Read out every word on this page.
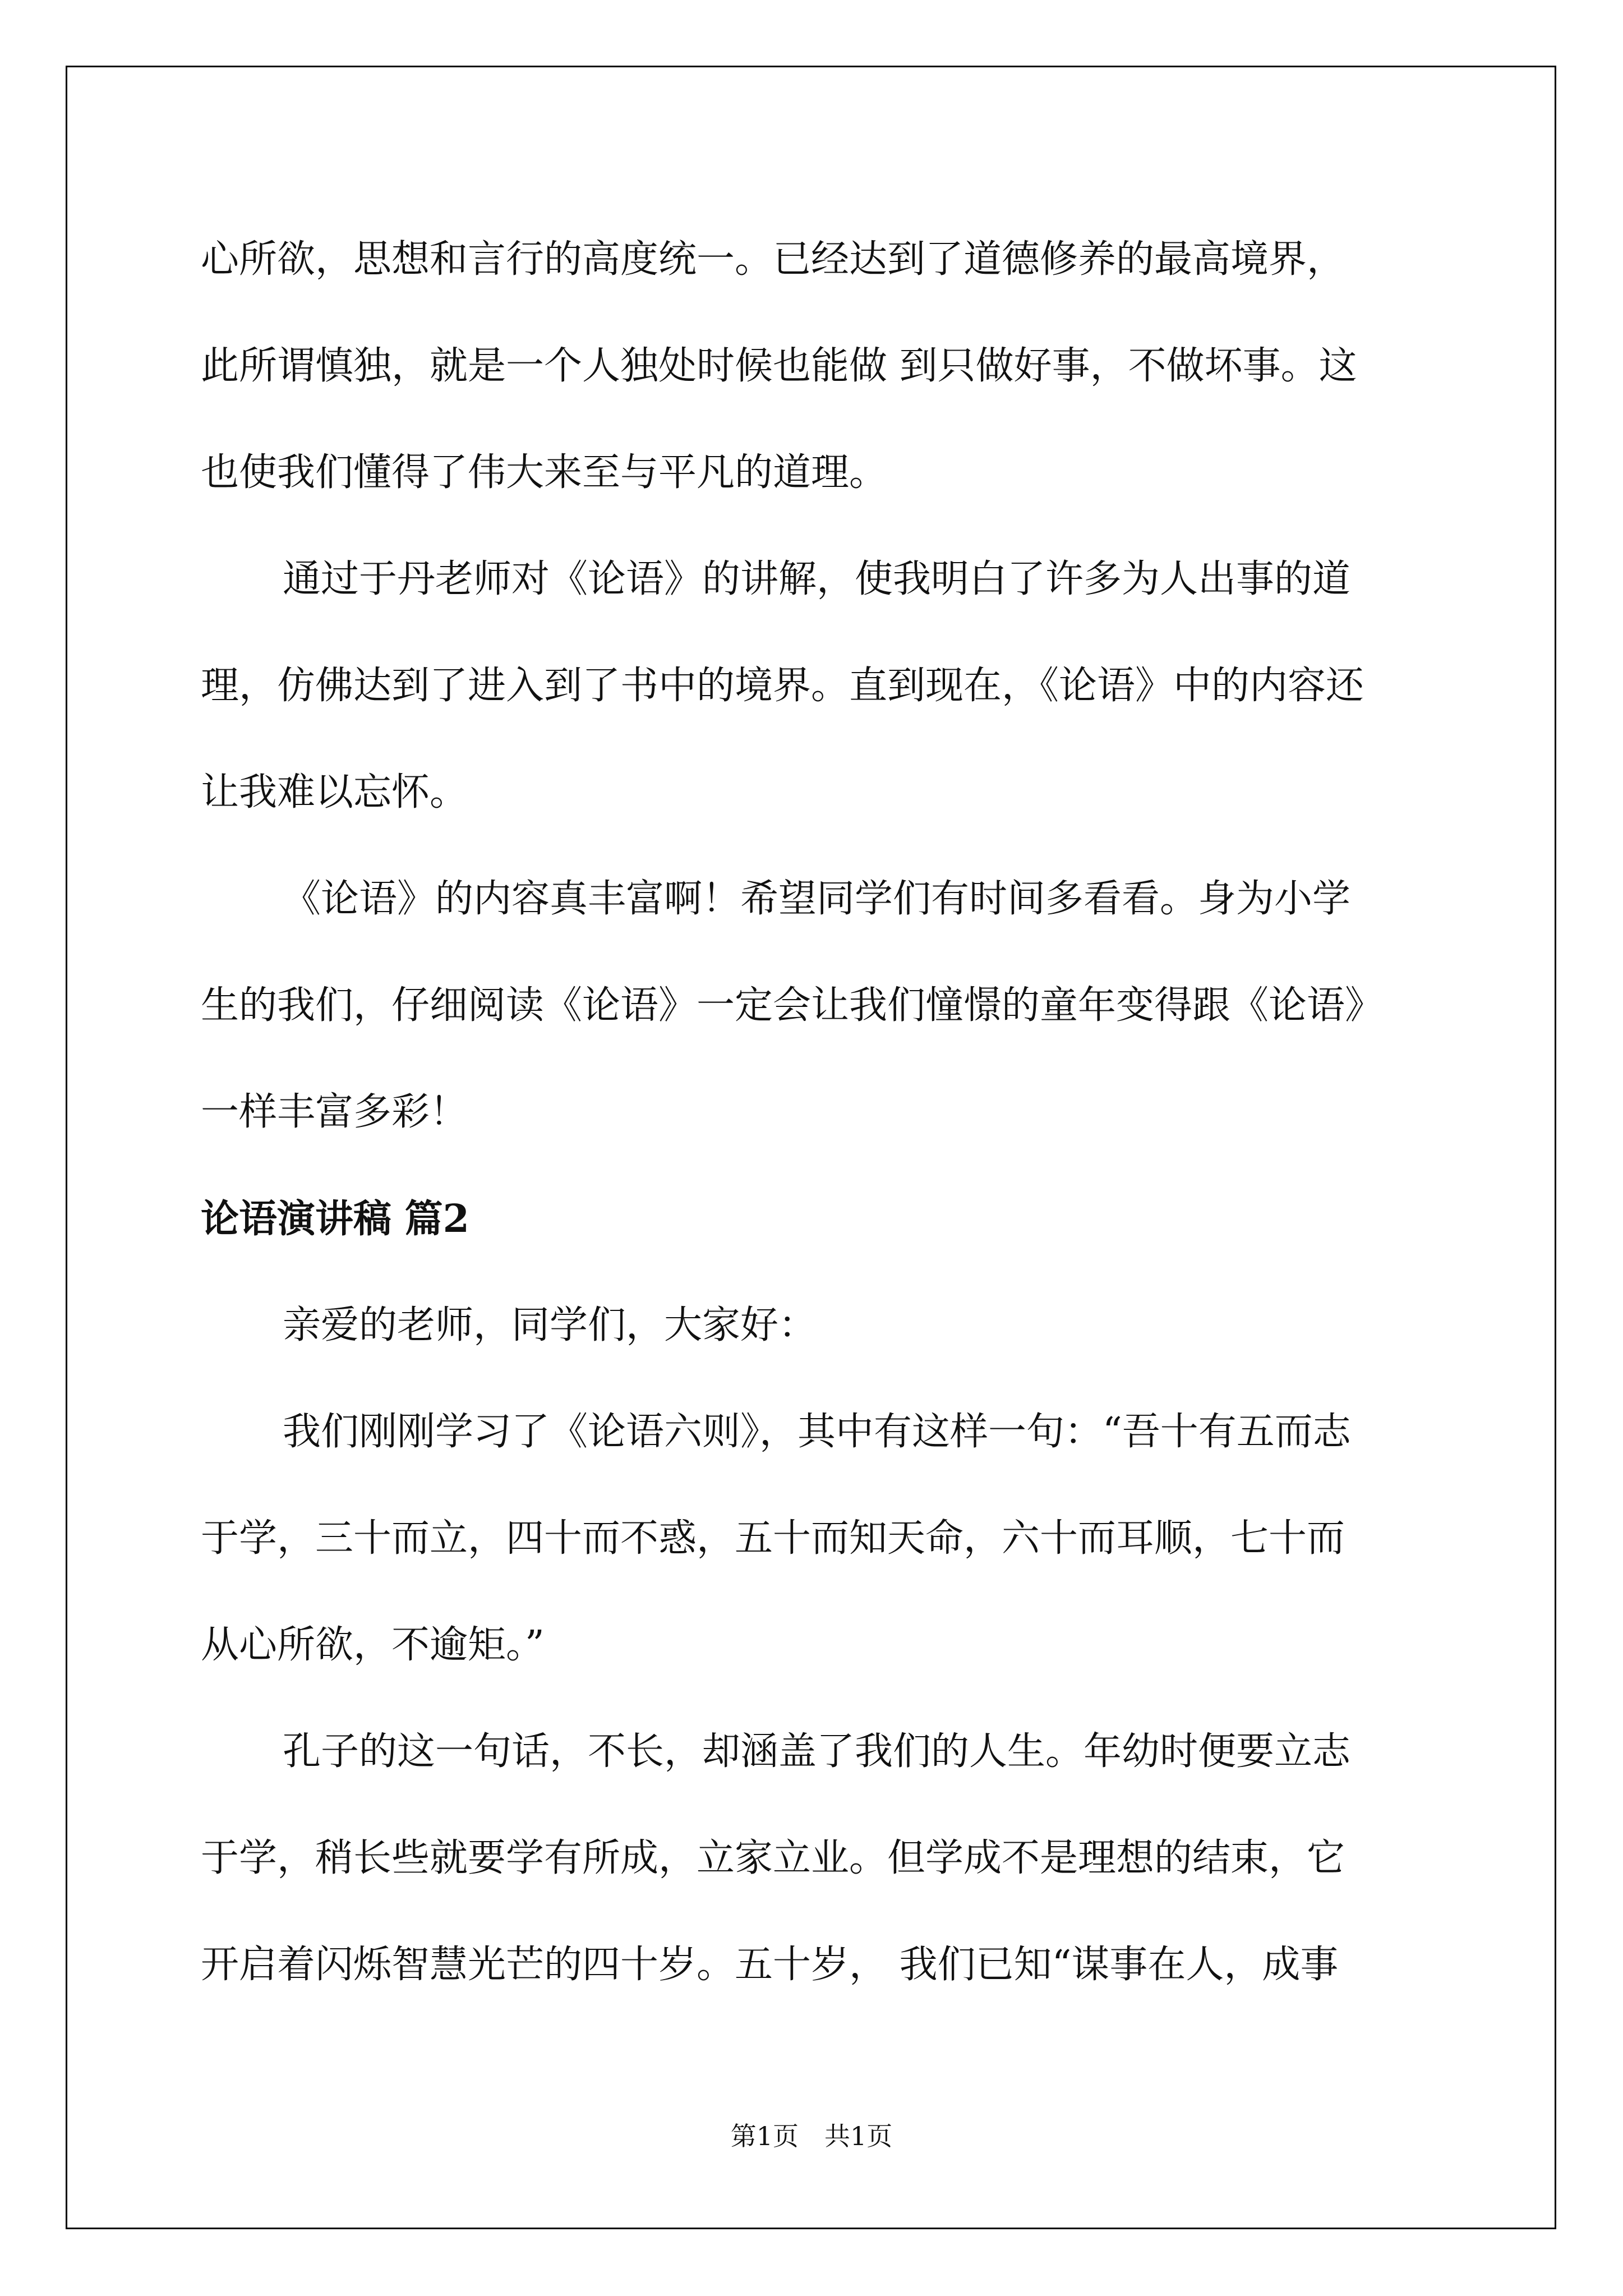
心所欲，思想和言行的高度统一。已经达到了道德修养的最高境界，
此所谓慎独，就是一个人独处时候也能做 到只做好事，不做坏事。这
也使我们懂得了伟大来至与平凡的道理。

通过于丹老师对《论语》的讲解，使我明白了许多为人出事的道
理，仿佛达到了进入到了书中的境界。直到现在，《论语》中的内容还
让我难以忘怀。

《论语》的内容真丰富啊！希望同学们有时间多看看。身为小学
生的我们，仔细阅读《论语》一定会让我们憧憬的童年变得跟《论语》
一样丰富多彩！

论语演讲稿 篇2

亲爱的老师，同学们，大家好：

我们刚刚学习了《论语六则》，其中有这样一句：“吾十有五而志
于学，三十而立，四十而不惑，五十而知天命，六十而耳顺，七十而
从心所欲，不逾矩。”

孔子的这一句话，不长，却涵盖了我们的人生。年幼时便要立志
于学，稍长些就要学有所成，立家立业。但学成不是理想的结束，它
开启着闪烁智慧光芒的四十岁。五十岁， 我们已知“谋事在人，成事

第1页　共1页
